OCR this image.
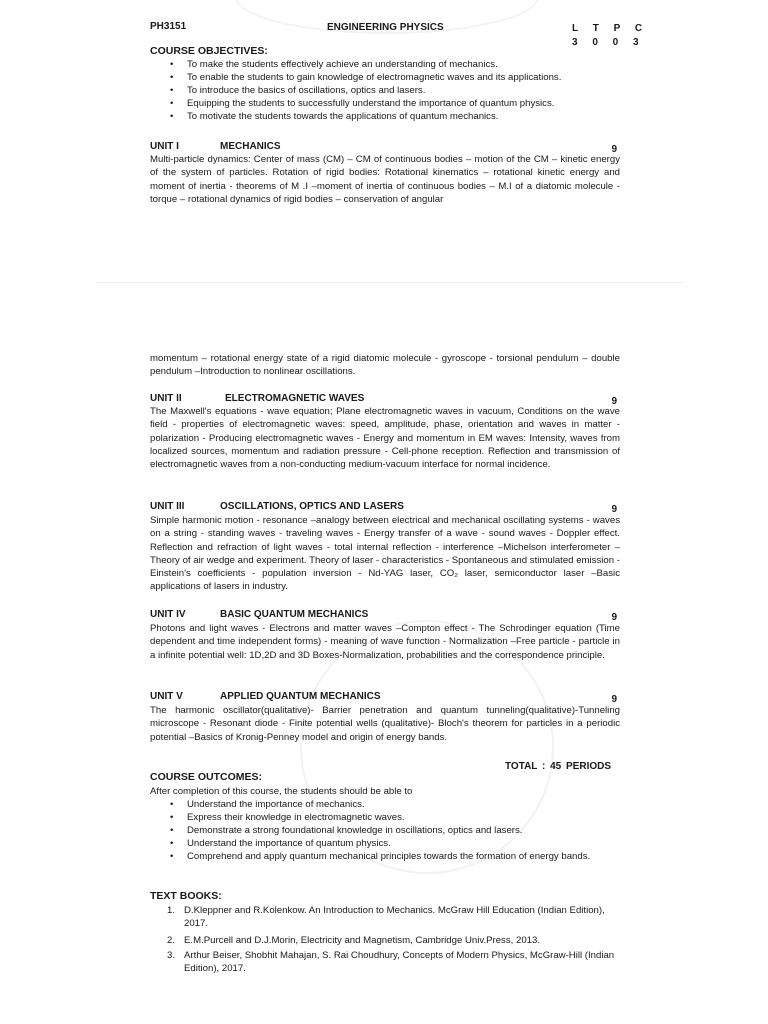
PH3151	ENGINEERING PHYSICS	L T P C
3 0 0 3
COURSE OBJECTIVES:
• To make the students effectively achieve an understanding of mechanics.
• To enable the students to gain knowledge of electromagnetic waves and its applications.
• To introduce the basics of oscillations, optics and lasers.
• Equipping the students to successfully understand the importance of quantum physics.
• To motivate the students towards the applications of quantum mechanics.
UNIT I	MECHANICS	9
Multi-particle dynamics: Center of mass (CM) – CM of continuous bodies – motion of the CM – kinetic energy of the system of particles. Rotation of rigid bodies: Rotational kinematics – rotational kinetic energy and moment of inertia - theorems of M .I –moment of inertia of continuous bodies – M.I of a diatomic molecule - torque – rotational dynamics of rigid bodies – conservation of angular
momentum – rotational energy state of a rigid diatomic molecule - gyroscope - torsional pendulum – double pendulum –Introduction to nonlinear oscillations.
UNIT II	ELECTROMAGNETIC WAVES	9
The Maxwell's equations - wave equation; Plane electromagnetic waves in vacuum, Conditions on the wave field - properties of electromagnetic waves: speed, amplitude, phase, orientation and waves in matter - polarization - Producing electromagnetic waves - Energy and momentum in EM waves: Intensity, waves from localized sources, momentum and radiation pressure - Cell-phone reception. Reflection and transmission of electromagnetic waves from a non-conducting medium-vacuum interface for normal incidence.
UNIT III	OSCILLATIONS, OPTICS AND LASERS	9
Simple harmonic motion - resonance –analogy between electrical and mechanical oscillating systems - waves on a string - standing waves - traveling waves - Energy transfer of a wave - sound waves - Doppler effect. Reflection and refraction of light waves - total internal reflection - interference –Michelson interferometer –Theory of air wedge and experiment. Theory of laser - characteristics - Spontaneous and stimulated emission - Einstein's coefficients - population inversion - Nd-YAG laser, CO₂ laser, semiconductor laser –Basic applications of lasers in industry.
UNIT IV	BASIC QUANTUM MECHANICS	9
Photons and light waves - Electrons and matter waves –Compton effect - The Schrodinger equation (Time dependent and time independent forms) - meaning of wave function - Normalization –Free particle - particle in a infinite potential well: 1D,2D and 3D Boxes-Normalization, probabilities and the correspondence principle.
UNIT V	APPLIED QUANTUM MECHANICS	9
The harmonic oscillator(qualitative)- Barrier penetration and quantum tunneling(qualitative)-Tunneling microscope - Resonant diode - Finite potential wells (qualitative)- Bloch's theorem for particles in a periodic potential –Basics of Kronig-Penney model and origin of energy bands.
TOTAL : 45 PERIODS
COURSE OUTCOMES:
After completion of this course, the students should be able to
• Understand the importance of mechanics.
• Express their knowledge in electromagnetic waves.
• Demonstrate a strong foundational knowledge in oscillations, optics and lasers.
• Understand the importance of quantum physics.
• Comprehend and apply quantum mechanical principles towards the formation of energy bands.
TEXT BOOKS:
1. D.Kleppner and R.Kolenkow. An Introduction to Mechanics. McGraw Hill Education (Indian Edition), 2017.
2. E.M.Purcell and D.J.Morin, Electricity and Magnetism, Cambridge Univ.Press, 2013.
3. Arthur Beiser, Shobhit Mahajan, S. Rai Choudhury, Concepts of Modern Physics, McGraw-Hill (Indian Edition), 2017.
